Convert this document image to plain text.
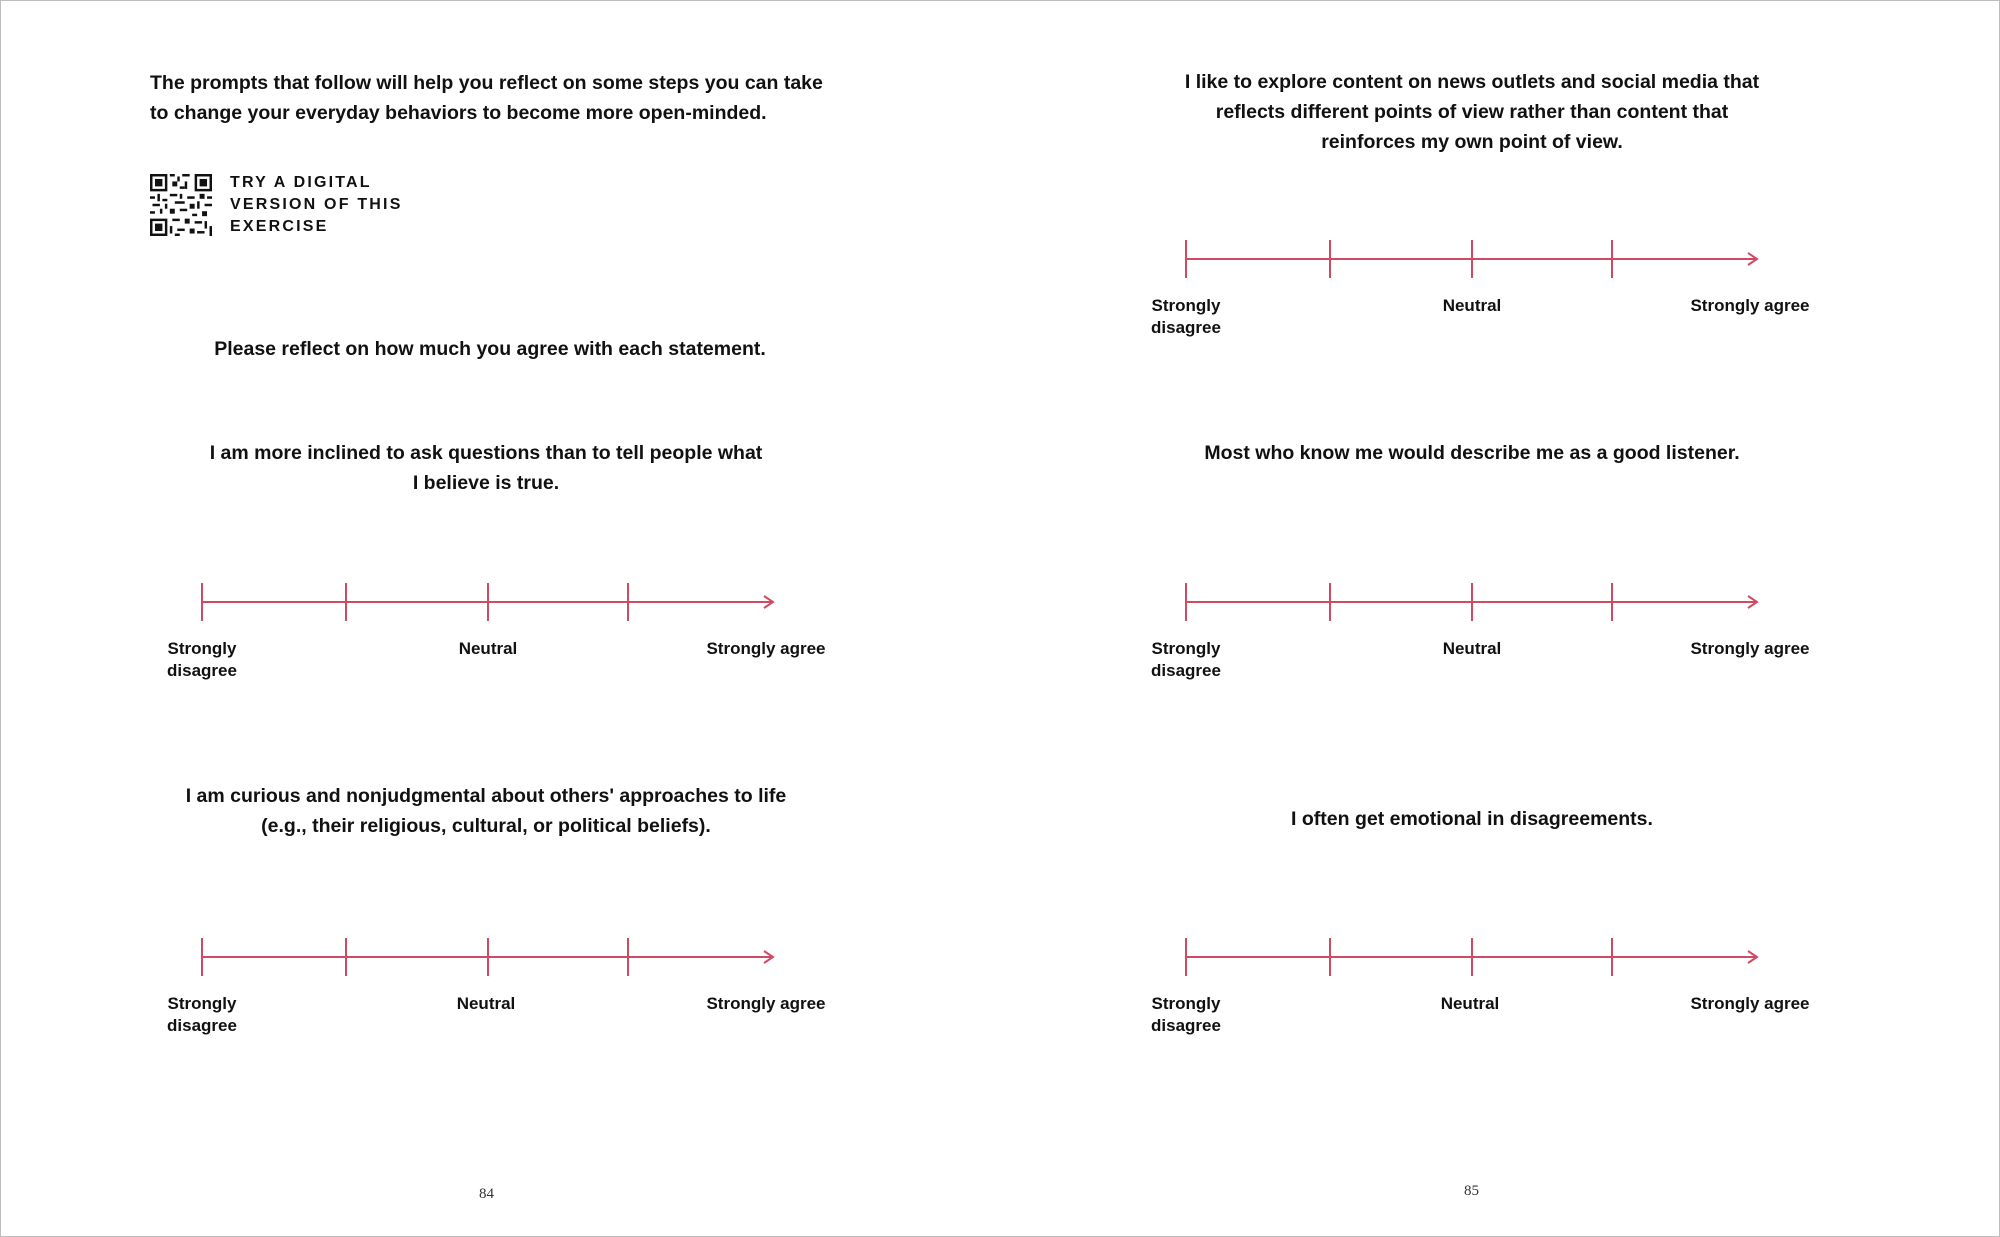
The prompts that follow will help you reflect on some steps you can take to change your everyday behaviors to become more open-minded.

TRY A DIGITAL VERSION OF THIS EXERCISE

Please reflect on how much you agree with each statement.

I am more inclined to ask questions than to tell people what
I believe is true.
Strongly disagree
Neutral	Strongly agree
I am curious and nonjudgmental about others' approaches to life
(e.g., their religious, cultural, or political beliefs).
Strongly disagree
Neutral	Strongly agree
84
I like to explore content on news outlets and social media that
reflects different points of view rather than content that
reinforces my own point of view.
Strongly disagree
Neutral	Strongly agree
Most who know me would describe me as a good listener.
Strongly disagree
Neutral	Strongly agree
I often get emotional in disagreements.
Strongly disagree
Neutral	Strongly agree
85
